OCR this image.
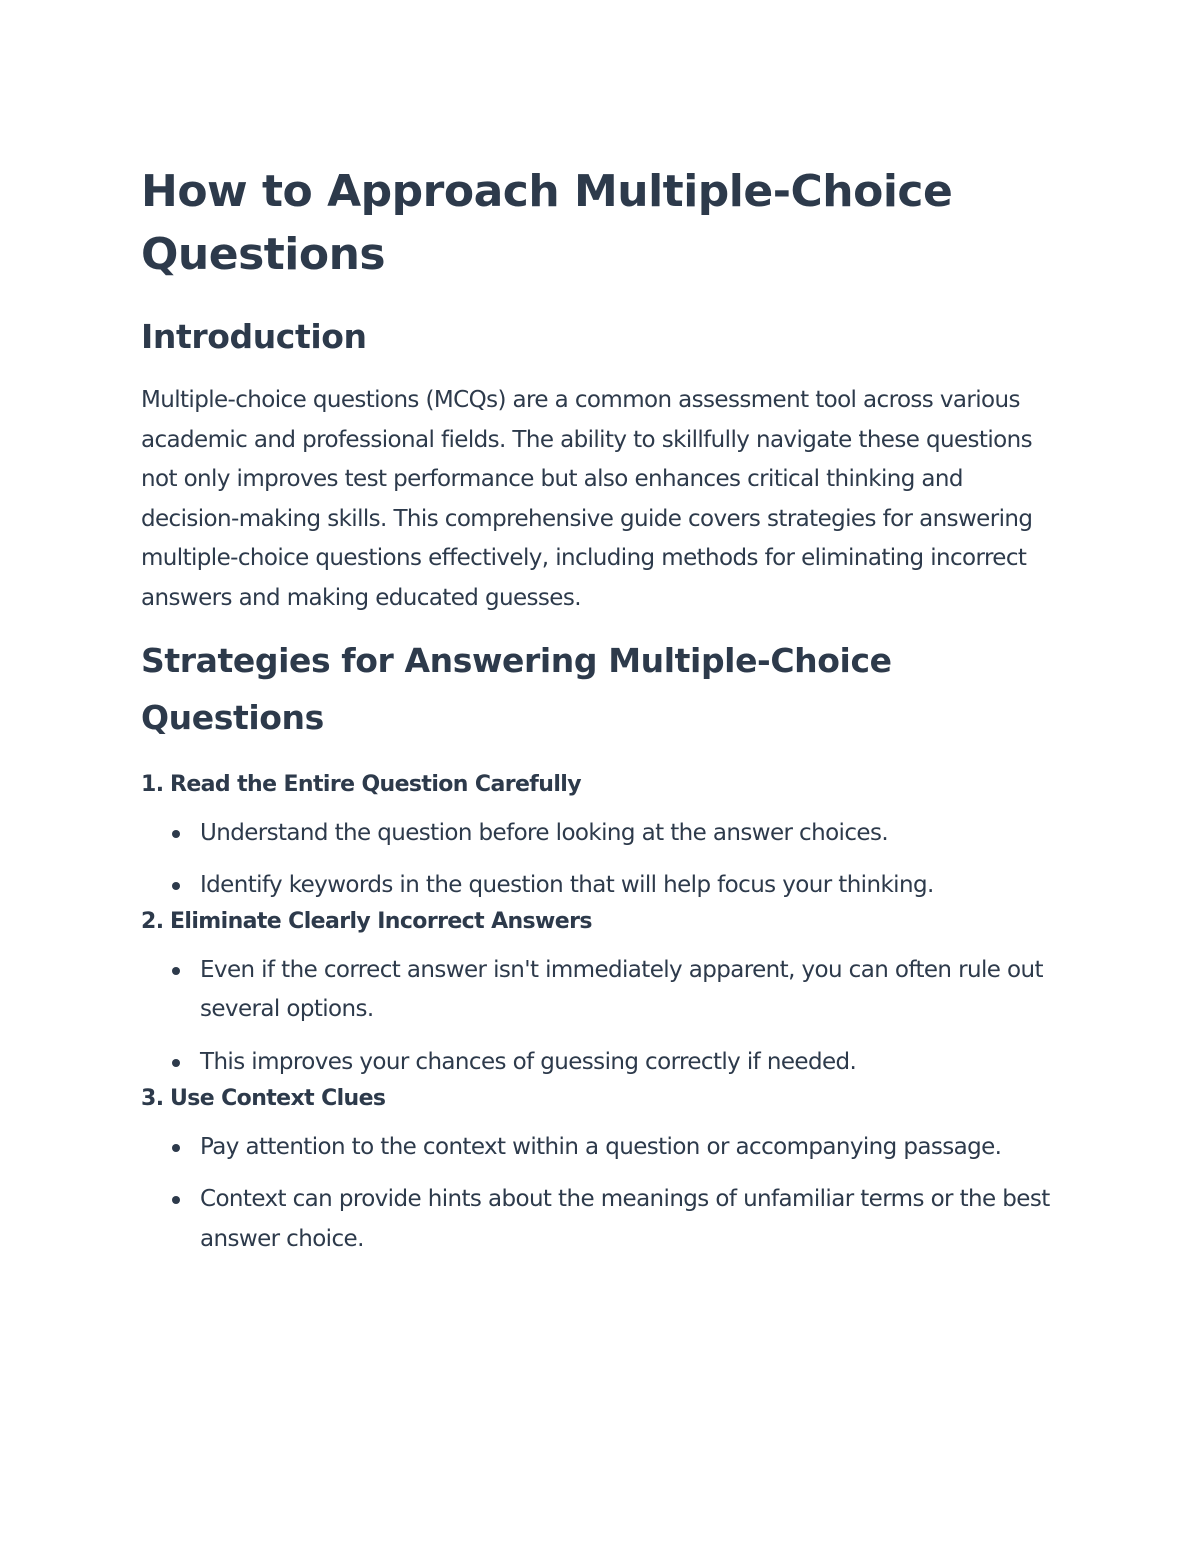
How to Approach Multiple-Choice Questions
Introduction

Multiple-choice questions (MCQs) are a common assessment tool across various academic and professional fields. The ability to skillfully navigate these questions not only improves test performance but also enhances critical thinking and decision-making skills. This comprehensive guide covers strategies for answering multiple-choice questions effectively, including methods for eliminating incorrect answers and making educated guesses.

Strategies for Answering Multiple-Choice Questions
1. Read the Entire Question Carefully
Understand the question before looking at the answer choices.
Identify keywords in the question that will help focus your thinking.
2. Eliminate Clearly Incorrect Answers
Even if the correct answer isn't immediately apparent, you can often rule out several options.
This improves your chances of guessing correctly if needed.
3. Use Context Clues
Pay attention to the context within a question or accompanying passage.
Context can provide hints about the meanings of unfamiliar terms or the best answer choice.
